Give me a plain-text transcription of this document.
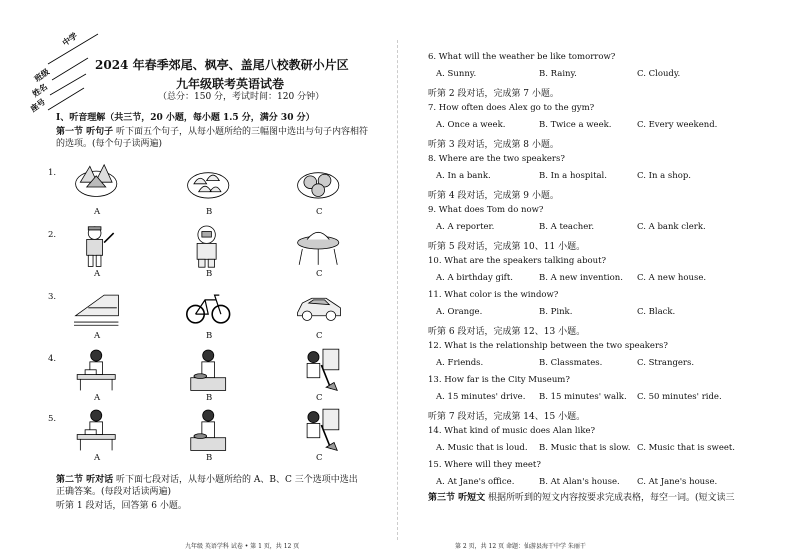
中学
班级
姓名
座号
2024 年春季郊尾、枫亭、盖尾八校教研小片区
九年级联考英语试卷
（总分：150 分，考试时间：120 分钟）
Ⅰ、听音理解（共三节，20 小题，每小题 1.5 分，满分 30 分）
第一节 听句子 听下面五个句子，从每小题所给的三幅图中选出与句子内容相符
的选项。(每个句子读两遍)
1.
A	B	C
2.
A	B	C
3.
A	B	C
4.
A	B	C
5.
A	B	C
第二节 听对话 听下面七段对话，从每小题所给的 A、B、C 三个选项中选出
正确答案。(每段对话读两遍)
听第 1 段对话，回答第 6 小题。
九年级 英语学科 试卷 • 第 1 页，共 12 页
6. What will the weather be like tomorrow?
A. Sunny.	B. Rainy.	C. Cloudy.
听第 2 段对话，完成第 7 小题。
7. How often does Alex go to the gym?
A. Once a week.	B. Twice a week.	C. Every weekend.
听第 3 段对话，完成第 8 小题。
8. Where are the two speakers?
A. In a bank.	B. In a hospital.	C. In a shop.
听第 4 段对话，完成第 9 小题。
9. What does Tom do now?
A. A reporter.	B. A teacher.	C. A bank clerk.
听第 5 段对话，完成第 10、11 小题。
10. What are the speakers talking about?
A. A birthday gift.	B. A new invention. C. A new house.
11. What color is the window?
A. Orange.	B. Pink.	C. Black.
听第 6 段对话，完成第 12、13 小题。
12. What is the relationship between the two speakers?
A. Friends.	B. Classmates.	C. Strangers.
13. How far is the City Museum?
A. 15 minutes' drive. B. 15 minutes' walk. C. 50 minutes' ride.
听第 7 段对话，完成第 14、15 小题。
14. What kind of music does Alan like?
A. Music that is loud. B. Music that is slow. C. Music that is sweet.
15. Where will they meet?
A. At Jane's office.	B. At Alan's house. C. At Jane's house.
第三节 听短文 根据所听到的短文内容按要求完成表格，每空一词。(短文读三
第 2 页，共 12 页 命题：仙游县海干中学 朱丽干
